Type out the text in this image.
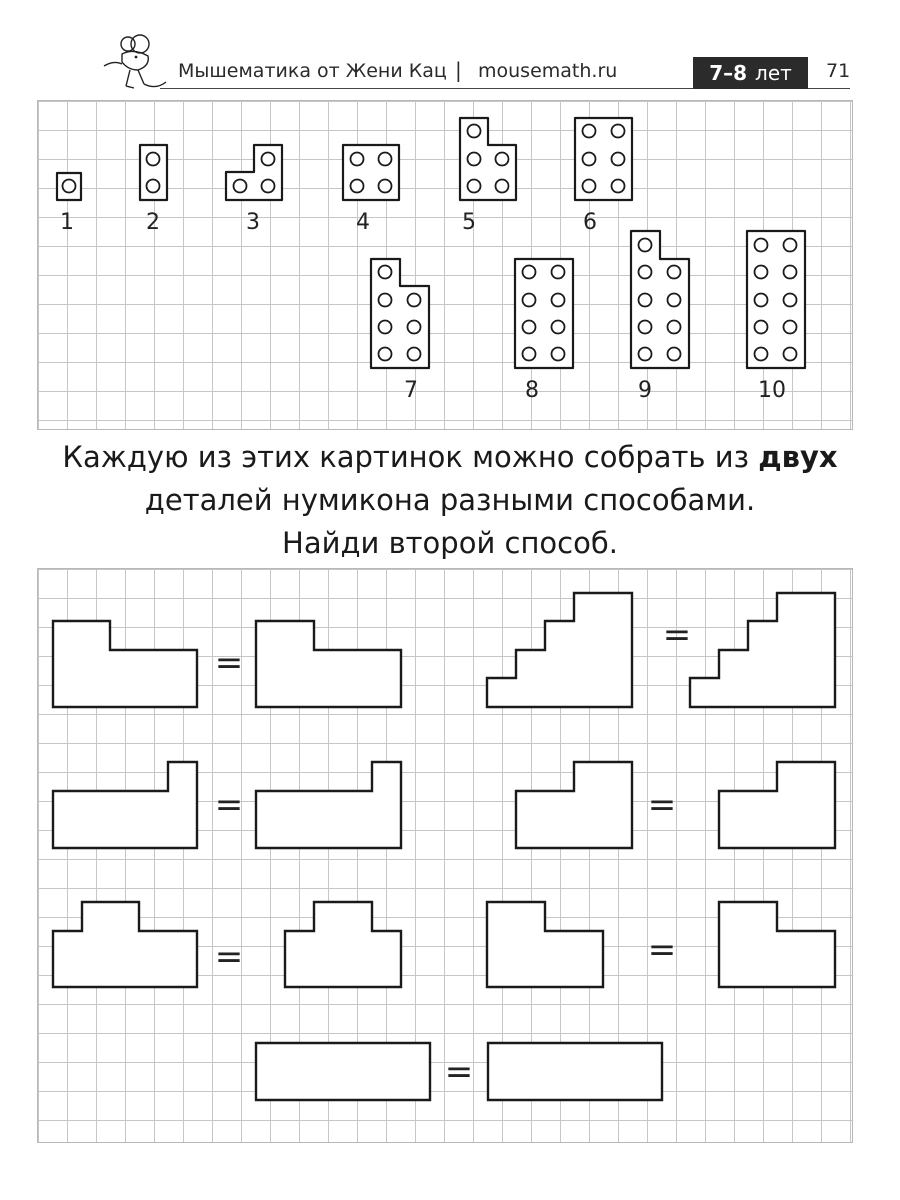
Мышематика от Жени Кац | mousemath.ru	7–8 лет 71
1	2	3	4	5	6
7	8	9	10
Каждую из этих картинок можно собрать из двух
деталей нумикона разными способами.
Найди второй способ.
=
=
=	=
=	=
=
